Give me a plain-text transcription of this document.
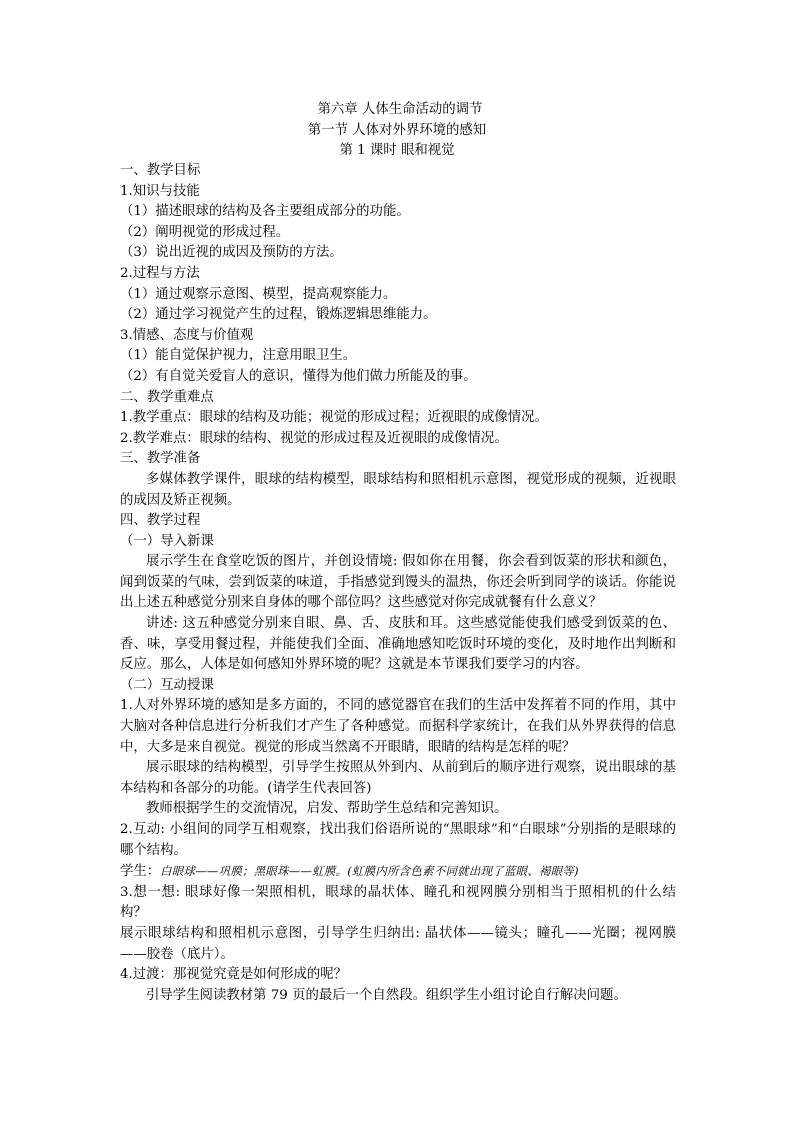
第六章 人体生命活动的调节
第一节 人体对外界环境的感知
第 1 课时 眼和视觉
一、教学目标
1.知识与技能
（1）描述眼球的结构及各主要组成部分的功能。
（2）阐明视觉的形成过程。
（3）说出近视的成因及预防的方法。
2.过程与方法
（1）通过观察示意图、模型，提高观察能力。
（2）通过学习视觉产生的过程，锻炼逻辑思维能力。
3.情感、态度与价值观
（1）能自觉保护视力，注意用眼卫生。
（2）有自觉关爱盲人的意识，懂得为他们做力所能及的事。
二、教学重难点
1.教学重点：眼球的结构及功能；视觉的形成过程；近视眼的成像情况。
2.教学难点：眼球的结构、视觉的形成过程及近视眼的成像情况。
三、教学准备
多媒体教学课件，眼球的结构模型，眼球结构和照相机示意图，视觉形成的视频，近视眼的成因及矫正视频。
四、教学过程
（一）导入新课
展示学生在食堂吃饭的图片，并创设情境: 假如你在用餐，你会看到饭菜的形状和颜色，闻到饭菜的气味，尝到饭菜的味道，手指感觉到馒头的温热，你还会听到同学的谈话。你能说出上述五种感觉分别来自身体的哪个部位吗？这些感觉对你完成就餐有什么意义？
讲述: 这五种感觉分别来自眼、鼻、舌、皮肤和耳。这些感觉能使我们感受到饭菜的色、香、味，享受用餐过程，并能使我们全面、准确地感知吃饭时环境的变化，及时地作出判断和反应。那么，人体是如何感知外界环境的呢？这就是本节课我们要学习的内容。
（二）互动授课
1.人对外界环境的感知是多方面的，不同的感觉器官在我们的生活中发挥着不同的作用，其中大脑对各种信息进行分析我们才产生了各种感觉。而据科学家统计，在我们从外界获得的信息中，大多是来自视觉。视觉的形成当然离不开眼睛，眼睛的结构是怎样的呢？
展示眼球的结构模型，引导学生按照从外到内、从前到后的顺序进行观察，说出眼球的基本结构和各部分的功能。(请学生代表回答)
教师根据学生的交流情况，启发、帮助学生总结和完善知识。
2.互动: 小组间的同学互相观察，找出我们俗语所说的“黑眼球”和“白眼球”分别指的是眼球的哪个结构。
学生：白眼球——巩膜；黑眼珠——虹膜。(虹膜内所含色素不同就出现了蓝眼、褐眼等)
3.想一想: 眼球好像一架照相机，眼球的晶状体、瞳孔和视网膜分别相当于照相机的什么结构？
展示眼球结构和照相机示意图，引导学生归纳出: 晶状体——镜头；瞳孔——光圈；视网膜——胶卷（底片）。
4.过渡：那视觉究竟是如何形成的呢？
引导学生阅读教材第 79 页的最后一个自然段。组织学生小组讨论自行解决问题。
